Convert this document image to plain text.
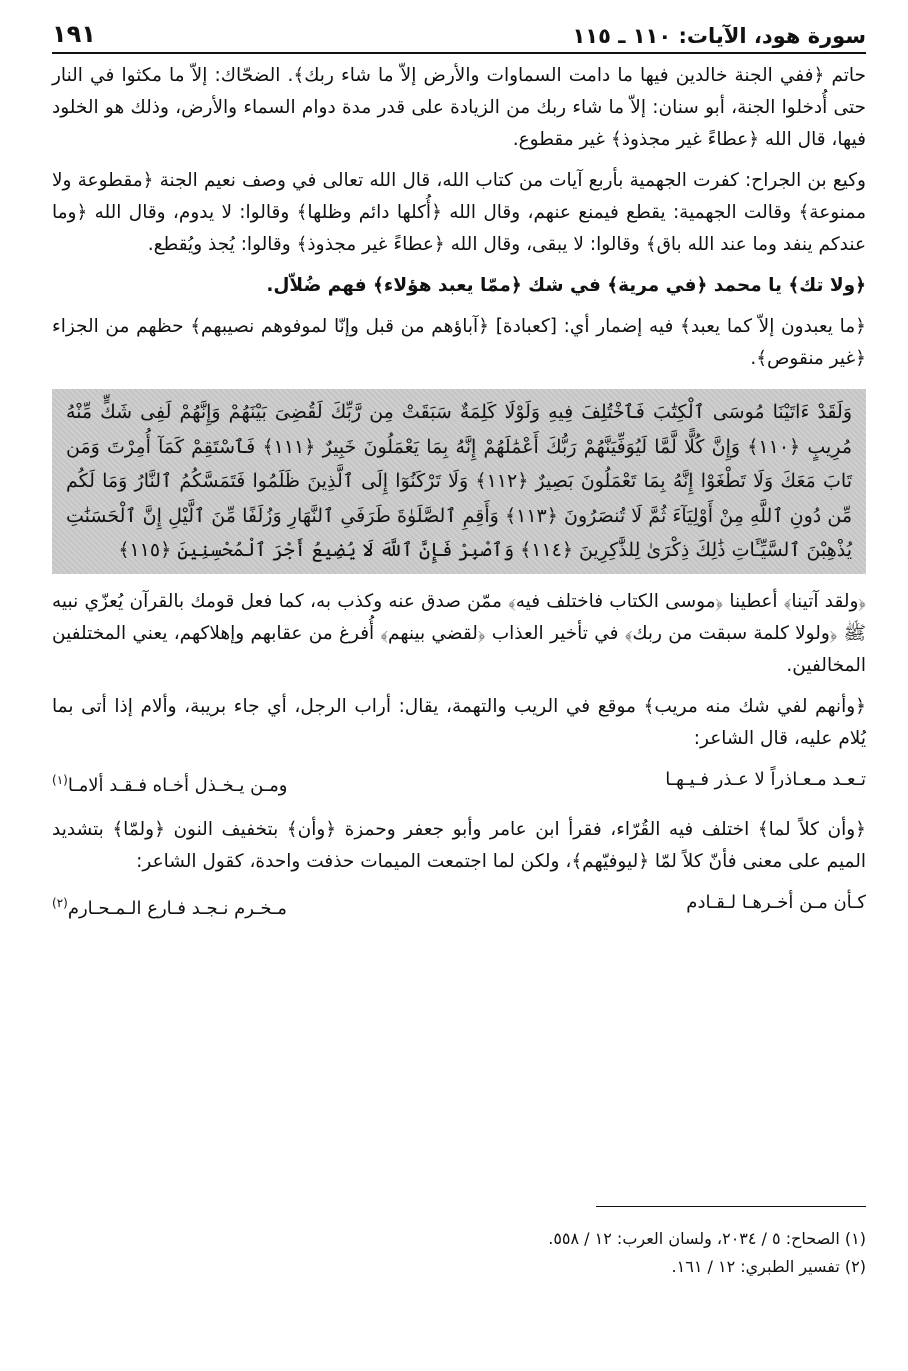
سورة هود، الآيات: ١١٠ ـ ١١٥
١٩١

حاتم ﴿ففي الجنة خالدين فيها ما دامت السماوات والأرض إلاّ ما شاء ربك﴾. الضحّاك: إلاّ ما مكثوا في النار حتى أُدخلوا الجنة، أبو سنان: إلاّ ما شاء ربك من الزيادة على قدر مدة دوام السماء والأرض، وذلك هو الخلود فيها، قال الله ﴿عطاءً غير مجذوذ﴾ غير مقطوع.

وكيع بن الجراح: كفرت الجهمية بأربع آيات من كتاب الله، قال الله تعالى في وصف نعيم الجنة ﴿مقطوعة ولا ممنوعة﴾ وقالت الجهمية: يقطع فيمنع عنهم، وقال الله ﴿أُكلها دائم وظلها﴾ وقالوا: لا يدوم، وقال الله ﴿وما عندكم ينفد وما عند الله باق﴾ وقالوا: لا يبقى، وقال الله ﴿عطاءً غير مجذوذ﴾ وقالوا: يُجذ ويُقطع.

﴿ولا تك﴾ يا محمد ﴿في مرية﴾ في شك ﴿ممّا يعبد هؤلاء﴾ فهم ضُلاّل.

﴿ما يعبدون إلاّ كما يعبد﴾ فيه إضمار أي: [كعبادة] ﴿آباؤهم من قبل وإنّا لموفوهم نصيبهم﴾ حظهم من الجزاء ﴿غير منقوص﴾.

وَلَقَدْ ءَاتَيْنَا مُوسَى ٱلْكِتَٰبَ فَٱخْتُلِفَ فِيهِ وَلَوْلَا كَلِمَةٌ سَبَقَتْ مِن رَّبِّكَ لَقُضِىَ بَيْنَهُمْ وَإِنَّهُمْ لَفِى شَكٍّ مِّنْهُ مُرِيبٍ ﴿١١٠﴾ وَإِنَّ كُلًّا لَّمَّا لَيُوَفِّيَنَّهُمْ رَبُّكَ أَعْمَٰلَهُمْ إِنَّهُ بِمَا يَعْمَلُونَ خَبِيرٌ ﴿١١١﴾ فَٱسْتَقِمْ كَمَآ أُمِرْتَ وَمَن تَابَ مَعَكَ وَلَا تَطْغَوْا إِنَّهُ بِمَا تَعْمَلُونَ بَصِيرٌ ﴿١١٢﴾ وَلَا تَرْكَنُوٓا إِلَى ٱلَّذِينَ ظَلَمُوا فَتَمَسَّكُمُ ٱلنَّارُ وَمَا لَكُم مِّن دُونِ ٱللَّهِ مِنْ أَوْلِيَآءَ ثُمَّ لَا تُنصَرُونَ ﴿١١٣﴾ وَأَقِمِ ٱلصَّلَوٰةَ طَرَفَىِ ٱلنَّهَارِ وَزُلَفًا مِّنَ ٱلَّيْلِ إِنَّ ٱلْحَسَنَٰتِ يُذْهِبْنَ ٱلسَّيِّـَٔاتِ ذَٰلِكَ ذِكْرَىٰ لِلذَّٰكِرِينَ ﴿١١٤﴾ وَٱصْبِرْ فَإِنَّ ٱللَّهَ لَا يُضِيعُ أَجْرَ ٱلْمُحْسِنِينَ ﴿١١٥﴾

﴿ولقد آتينا﴾ أعطينا ﴿موسى الكتاب فاختلف فيه﴾ ممّن صدق عنه وكذب به، كما فعل قومك بالقرآن يُعزّي نبيه ﷺ ﴿ولولا كلمة سبقت من ربك﴾ في تأخير العذاب ﴿لقضي بينهم﴾ أُفرغ من عقابهم وإهلاكهم، يعني المختلفين المخالفين.

﴿وأنهم لفي شك منه مريب﴾ موقع في الريب والتهمة، يقال: أراب الرجل، أي جاء بريبة، وألام إذا أتى بما يُلام عليه، قال الشاعر:

تـعـد مـعـاذراً لا عـذر فـيـهـا
ومـن يـخـذل أخـاه فـقـد ألامـا$^{(١)}$

﴿وأن كلاً لما﴾ اختلف فيه القُرّاء، فقرأ ابن عامر وأبو جعفر وحمزة ﴿وأن﴾ بتخفيف النون ﴿ولمّا﴾ بتشديد الميم على معنى فأنّ كلاً لمّا ﴿ليوفيّهم﴾، ولكن لما اجتمعت الميمات حذفت واحدة، كقول الشاعر:

كـأن مـن أخـرهـا لـقـادم
مـخـرم نـجـد فـارع الـمـحـارم$^{(٢)}$
(١) الصحاح: ٥ / ٢٠٣٤، ولسان العرب: ١٢ / ٥٥٨.
(٢) تفسير الطبري: ١٢ / ١٦١.
